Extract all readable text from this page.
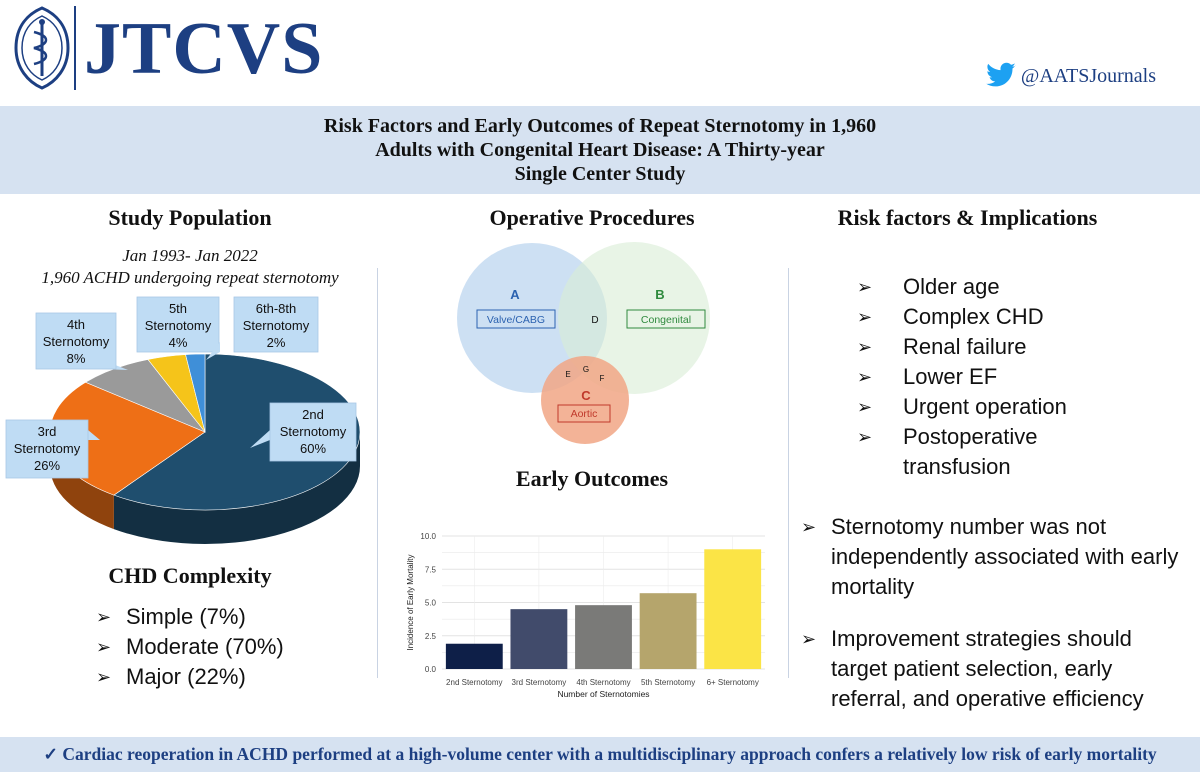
JTCVS	@AATSJournals
Risk Factors and Early Outcomes of Repeat Sternotomy in 1,960
Adults with Congenital Heart Disease: A Thirty-year
Single Center Study
Study Population
Jan 1993- Jan 2022
1,960 ACHD undergoing repeat sternotomy
2nd
Sternotomy
60%
3rd
Sternotomy
26%
4th
Sternotomy
8%
5th
Sternotomy
4%
6th-8th
Sternotomy
2%
CHD Complexity
➢ Simple (7%)
➢ Moderate (70%)
➢ Major (22%)
Operative Procedures
A
Valve/CABG
B
Congenital
D
E
G
F
C
Aortic
Early Outcomes
0.0
2.5
5.0
7.5
10.0
2nd Sternotomy 3rd Sternotomy 4th Sternotomy 5th Sternotomy 6+ Sternotomy
Number of Sternotomies
Incidence of Early Mortality
Risk factors & Implications
➢	Older age
➢	Complex CHD
➢	Renal failure
➢	Lower EF
➢	Urgent operation
➢	Postoperative transfusion
➢ Sternotomy number was not independently associated with early mortality
➢ Improvement strategies should target patient selection, early referral, and operative efficiency
✓ Cardiac reoperation in ACHD performed at a high-volume center with a multidisciplinary approach confers a relatively low risk of early mortality
